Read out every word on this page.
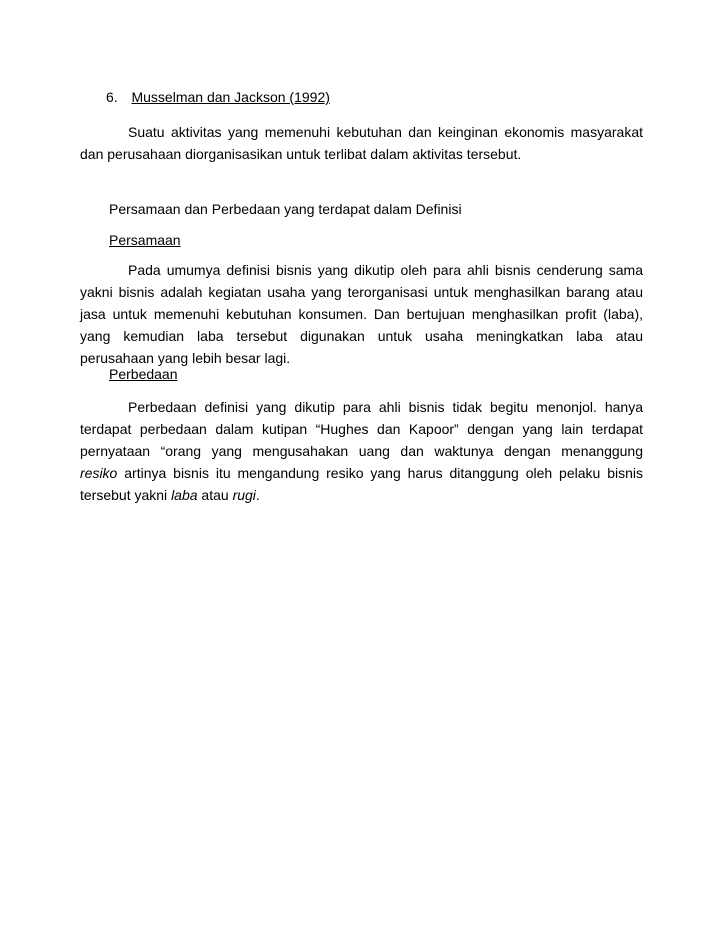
6. Musselman dan Jackson (1992)
Suatu aktivitas yang memenuhi kebutuhan dan keinginan ekonomis masyarakat
dan perusahaan diorganisasikan untuk terlibat dalam aktivitas tersebut.
Persamaan dan Perbedaan yang terdapat dalam Definisi
Persamaan
Pada umumya definisi bisnis yang dikutip oleh para ahli bisnis cenderung sama
yakni bisnis adalah kegiatan usaha yang terorganisasi untuk menghasilkan barang atau
jasa untuk memenuhi kebutuhan konsumen. Dan bertujuan menghasilkan profit (laba),
yang kemudian laba tersebut digunakan untuk usaha meningkatkan laba atau
perusahaan yang lebih besar lagi.
Perbedaan
Perbedaan definisi yang dikutip para ahli bisnis tidak begitu menonjol. hanya
terdapat perbedaan dalam kutipan “Hughes dan Kapoor” dengan yang lain terdapat
pernyataan “orang yang mengusahakan uang dan waktunya dengan menanggung
resiko artinya bisnis itu mengandung resiko yang harus ditanggung oleh pelaku bisnis
tersebut yakni laba atau rugi.
